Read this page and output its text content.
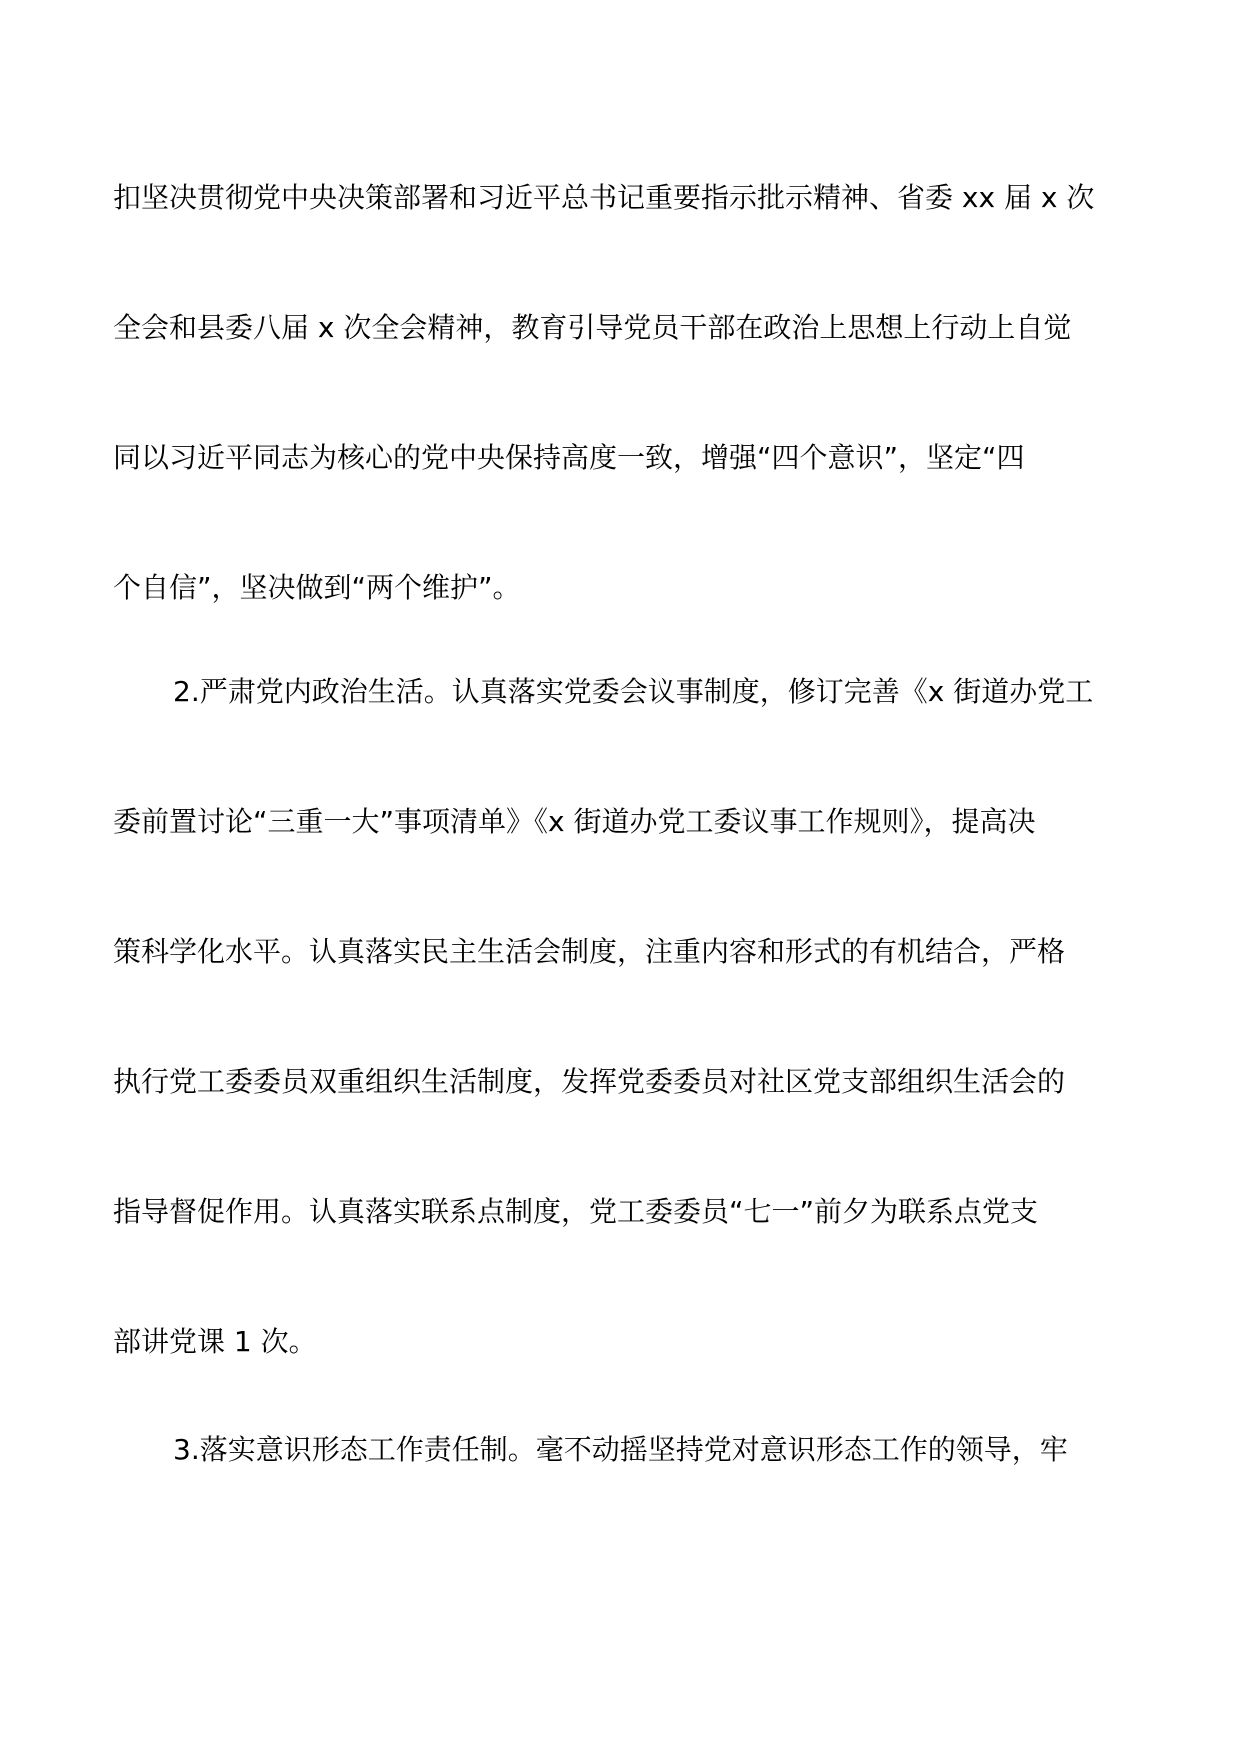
扣坚决贯彻党中央决策部署和习近平总书记重要指示批示精神、省委 xx 届 x 次
全会和县委八届 x 次全会精神，教育引导党员干部在政治上思想上行动上自觉
同以习近平同志为核心的党中央保持高度一致，增强“四个意识”，坚定“四
个自信”，坚决做到“两个维护”。
2.严肃党内政治生活。认真落实党委会议事制度，修订完善《x 街道办党工
委前置讨论“三重一大”事项清单》《x 街道办党工委议事工作规则》，提高决
策科学化水平。认真落实民主生活会制度，注重内容和形式的有机结合，严格
执行党工委委员双重组织生活制度，发挥党委委员对社区党支部组织生活会的
指导督促作用。认真落实联系点制度，党工委委员“七一”前夕为联系点党支
部讲党课 1 次。
3.落实意识形态工作责任制。毫不动摇坚持党对意识形态工作的领导，牢
